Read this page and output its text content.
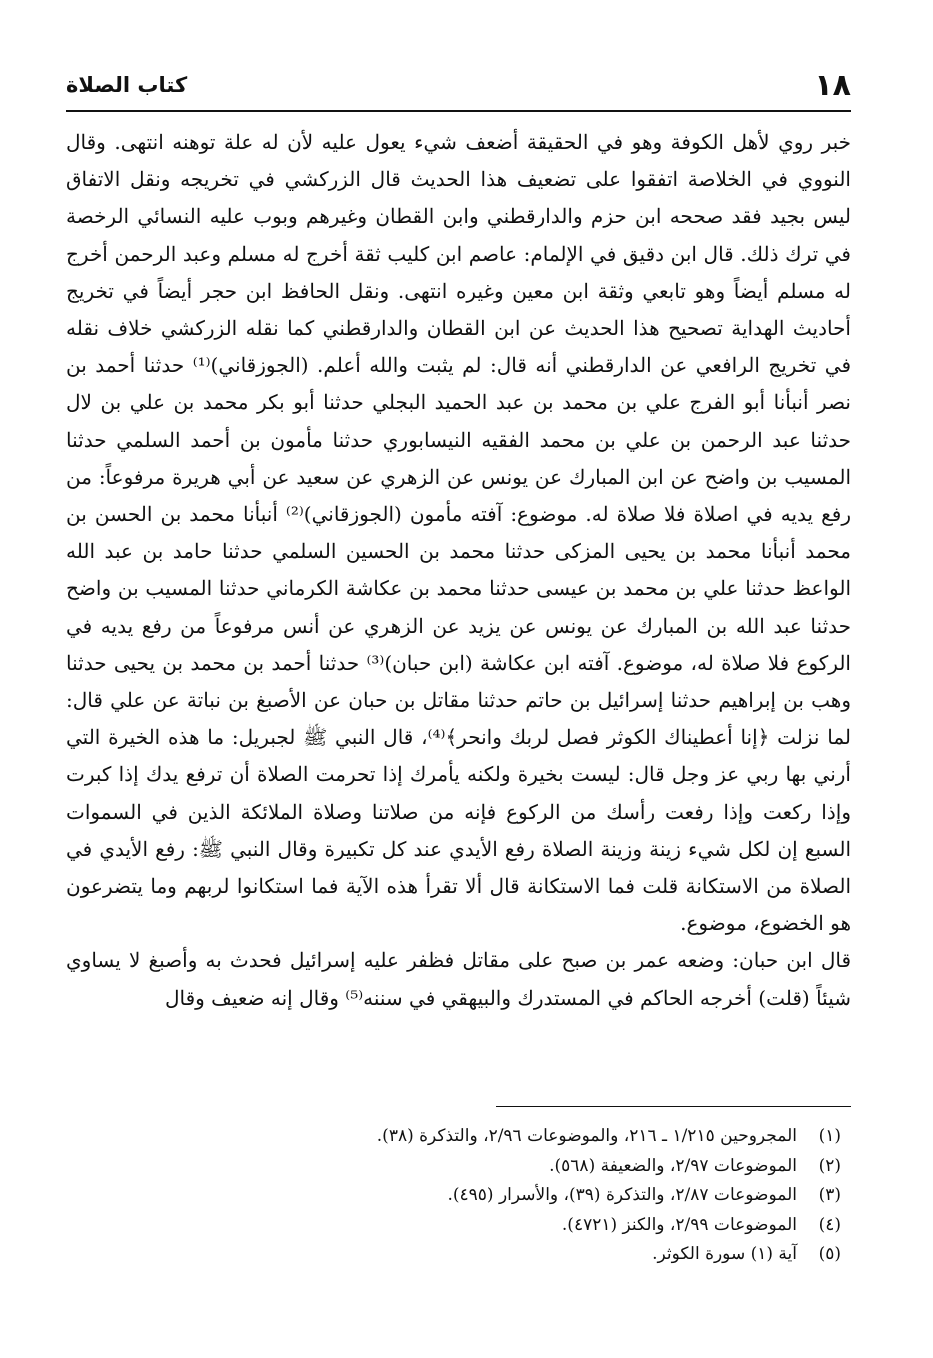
١٨
كتاب الصلاة

خبر روي لأهل الكوفة وهو في الحقيقة أضعف شيء يعول عليه لأن له علة توهنه انتهى. وقال النووي في الخلاصة اتفقوا على تضعيف هذا الحديث قال الزركشي في تخريجه ونقل الاتفاق ليس بجيد فقد صححه ابن حزم والدارقطني وابن القطان وغيرهم وبوب عليه النسائي الرخصة في ترك ذلك. قال ابن دقيق في الإلمام: عاصم ابن كليب ثقة أخرج له مسلم وعبد الرحمن أخرج له مسلم أيضاً وهو تابعي وثقة ابن معين وغيره انتهى. ونقل الحافظ ابن حجر أيضاً في تخريج أحاديث الهداية تصحيح هذا الحديث عن ابن القطان والدارقطني كما نقله الزركشي خلاف نقله في تخريج الرافعي عن الدارقطني أنه قال: لم يثبت والله أعلم. (الجوزقاني)⁽¹⁾ حدثنا أحمد بن نصر أنبأنا أبو الفرج علي بن محمد بن عبد الحميد البجلي حدثنا أبو بكر محمد بن علي بن لال حدثنا عبد الرحمن بن علي بن محمد الفقيه النيسابوري حدثنا مأمون بن أحمد السلمي حدثنا المسيب بن واضح عن ابن المبارك عن يونس عن الزهري عن سعيد عن أبي هريرة مرفوعاً: من رفع يديه في اصلاة فلا صلاة له. موضوع: آفته مأمون (الجوزقاني)⁽²⁾ أنبأنا محمد بن الحسن بن محمد أنبأنا محمد بن يحيى المزكى حدثنا محمد بن الحسين السلمي حدثنا حامد بن عبد الله الواعظ حدثنا علي بن محمد بن عيسى حدثنا محمد بن عكاشة الكرماني حدثنا المسيب بن واضح حدثنا عبد الله بن المبارك عن يونس عن يزيد عن الزهري عن أنس مرفوعاً من رفع يديه في الركوع فلا صلاة له، موضوع. آفته ابن عكاشة (ابن حبان)⁽³⁾ حدثنا أحمد بن محمد بن يحيى حدثنا وهب بن إبراهيم حدثنا إسرائيل بن حاتم حدثنا مقاتل بن حبان عن الأصبغ بن نباتة عن علي قال: لما نزلت ﴿إنا أعطيناك الكوثر فصل لربك وانحر﴾⁽⁴⁾، قال النبي ﷺ لجبريل: ما هذه الخيرة التي أرني بها ربي عز وجل قال: ليست بخيرة ولكنه يأمرك إذا تحرمت الصلاة أن ترفع يدك إذا كبرت وإذا ركعت وإذا رفعت رأسك من الركوع فإنه من صلاتنا وصلاة الملائكة الذين في السموات السبع إن لكل شيء زينة وزينة الصلاة رفع الأيدي عند كل تكبيرة وقال النبي ﷺ: رفع الأيدي في الصلاة من الاستكانة قلت فما الاستكانة قال ألا تقرأ هذه الآية فما استكانوا لربهم وما يتضرعون هو الخضوع، موضوع.

قال ابن حبان: وضعه عمر بن صبح على مقاتل فظفر عليه إسرائيل فحدث به وأصبغ لا يساوي شيئاً (قلت) أخرجه الحاكم في المستدرك والبيهقي في سننه⁽⁵⁾ وقال إنه ضعيف وقال

(١)
المجروحين ١/٢١٥ ـ ٢١٦، والموضوعات ٢/٩٦، والتذكرة (٣٨).
(٢)
الموضوعات ٢/٩٧، والضعيفة (٥٦٨).
(٣)
الموضوعات ٢/٨٧، والتذكرة (٣٩)، والأسرار (٤٩٥).
(٤)
الموضوعات ٢/٩٩، والكنز (٤٧٢١).
(٥)
آية (١) سورة الكوثر.
